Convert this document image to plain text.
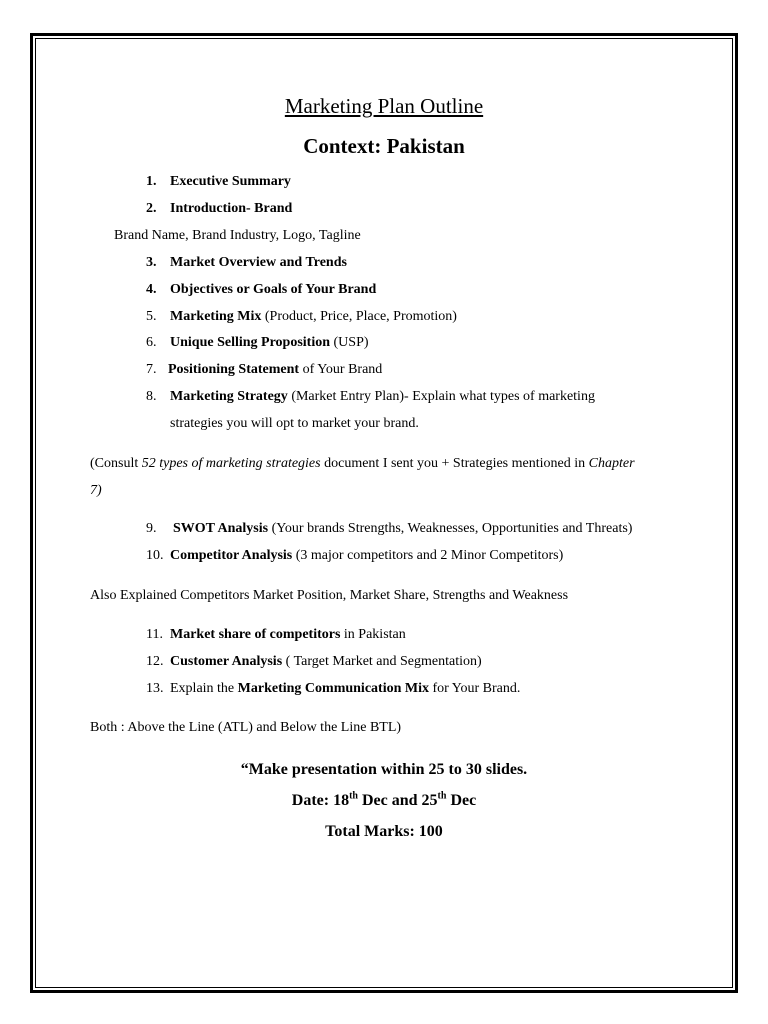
Marketing Plan Outline
Context: Pakistan
1. Executive Summary
2. Introduction- Brand
Brand Name, Brand Industry, Logo, Tagline
3. Market Overview and Trends
4. Objectives or Goals of Your Brand
5. Marketing Mix (Product, Price, Place, Promotion)
6. Unique Selling Proposition (USP)
7. Positioning Statement of Your Brand
8. Marketing Strategy (Market Entry Plan)- Explain what types of marketing
strategies you will opt to market your brand.
(Consult 52 types of marketing strategies document I sent you + Strategies mentioned in Chapter
7)
9. SWOT Analysis (Your brands Strengths, Weaknesses, Opportunities and Threats)
10. Competitor Analysis (3 major competitors and 2 Minor Competitors)
Also Explained Competitors Market Position, Market Share, Strengths and Weakness
11. Market share of competitors in Pakistan
12. Customer Analysis ( Target Market and Segmentation)
13. Explain the Marketing Communication Mix for Your Brand.
Both : Above the Line (ATL) and Below the Line BTL)
“Make presentation within 25 to 30 slides.
Date: 18th Dec and 25th Dec
Total Marks: 100
